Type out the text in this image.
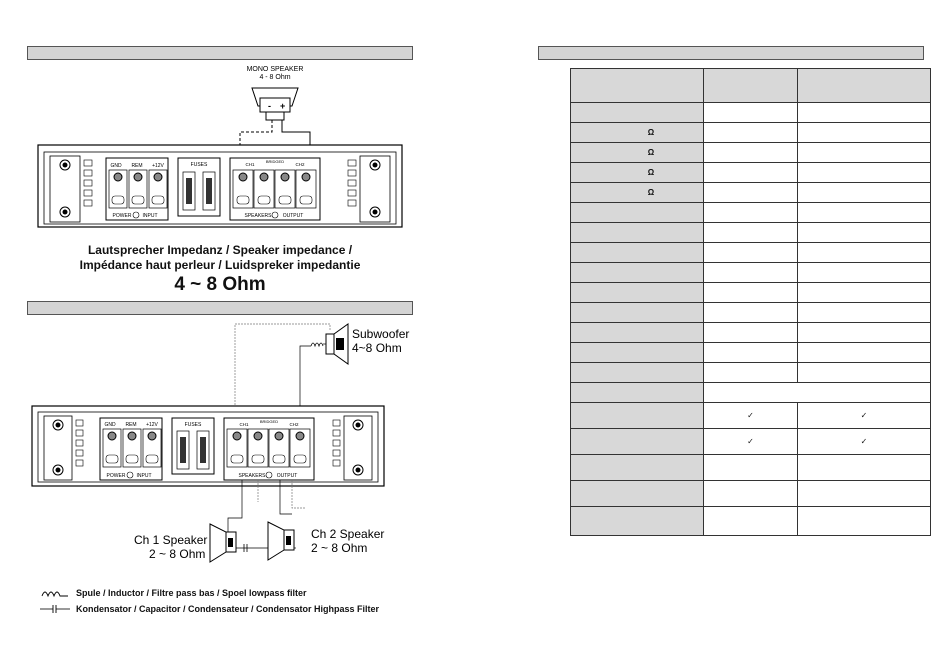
MONO SPEAKER
4 - 8 Ohm
- +
GND REM +12V
POWER INPUT
FUSES	CH1
BRIDGED
CH2
SPEAKERS OUTPUT
Lautsprecher Impedanz / Speaker impedance /
Impédance haut perleur / Luidspreker impedantie
4 ~ 8 Ohm
Subwoofer
4~8 Ohm
GND REM +12V
POWER INPUT
FUSES	CH1
BRIDGED
CH2
SPEAKERS OUTPUT
Ch 1 Speaker
2 ~ 8 Ohm
Ch 2 Speaker
2 ~ 8 Ohm
Spule / Inductor / Filtre pass bas / Spoel lowpass filter
Kondensator / Capacitor / Condensateur / Condensator Highpass Filter

Ω		
Ω		
Ω		
Ω		

	✓	✓
	✓	✓
